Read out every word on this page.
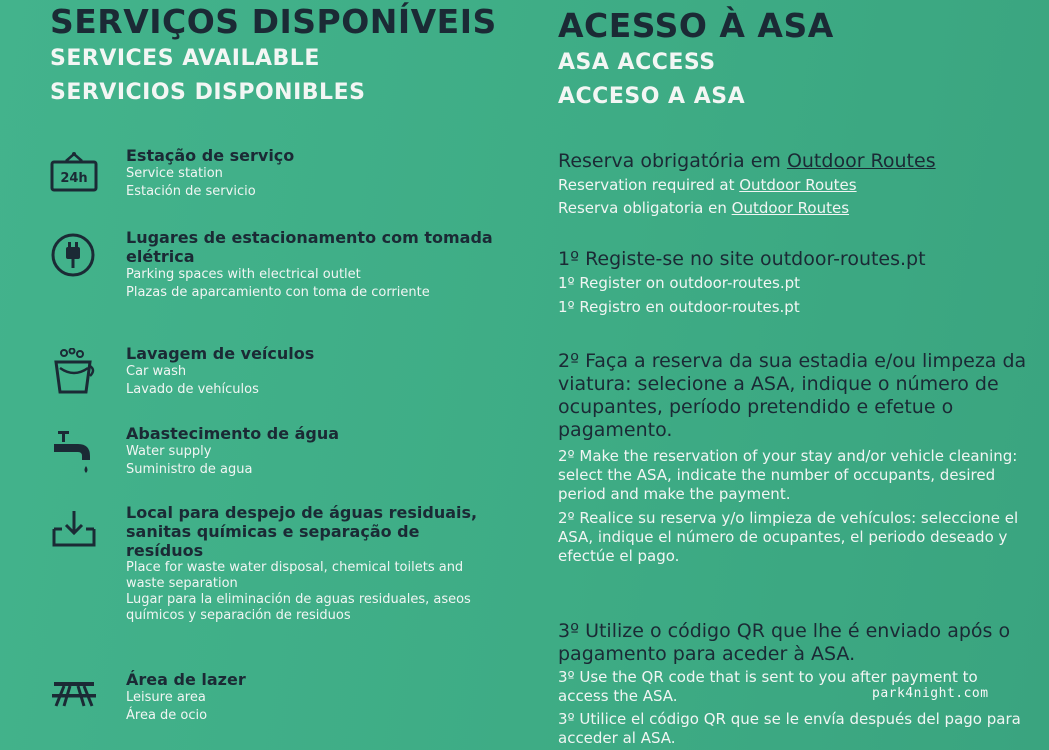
SERVIÇOS DISPONÍVEIS

SERVICES AVAILABLE

SERVICIOS DISPONIBLES

24h

Estação de serviço

Service station

Estación de servicio

Lugares de estacionamento com tomada elétrica

Parking spaces with electrical outlet

Plazas de aparcamiento con toma de corriente

Lavagem de veículos

Car wash

Lavado de vehículos

Abastecimento de água

Water supply

Suministro de agua

Local para despejo de águas residuais, sanitas químicas e separação de resíduos

Place for waste water disposal, chemical toilets and waste separation

Lugar para la eliminación de aguas residuales, aseos químicos y separación de residuos

Área de lazer

Leisure area

Área de ocio

ACESSO À ASA

ASA ACCESS

ACCESO A ASA

Reserva obrigatória em Outdoor Routes

Reservation required at Outdoor Routes

Reserva obligatoria en Outdoor Routes

1º Registe-se no site outdoor-routes.pt

1º Register on outdoor-routes.pt

1º Registro en outdoor-routes.pt

2º Faça a reserva da sua estadia e/ou limpeza da viatura: selecione a ASA, indique o número de ocupantes, período pretendido e efetue o pagamento.

2º Make the reservation of your stay and/or vehicle cleaning: select the ASA, indicate the number of occupants, desired period and make the payment.

2º Realice su reserva y/o limpieza de vehículos: seleccione el ASA, indique el número de ocupantes, el periodo deseado y efectúe el pago.

3º Utilize o código QR que lhe é enviado após o pagamento para aceder à ASA.

3º Use the QR code that is sent to you after payment to access the ASA.

3º Utilice el código QR que se le envía después del pago para acceder al ASA.

park4night.com
